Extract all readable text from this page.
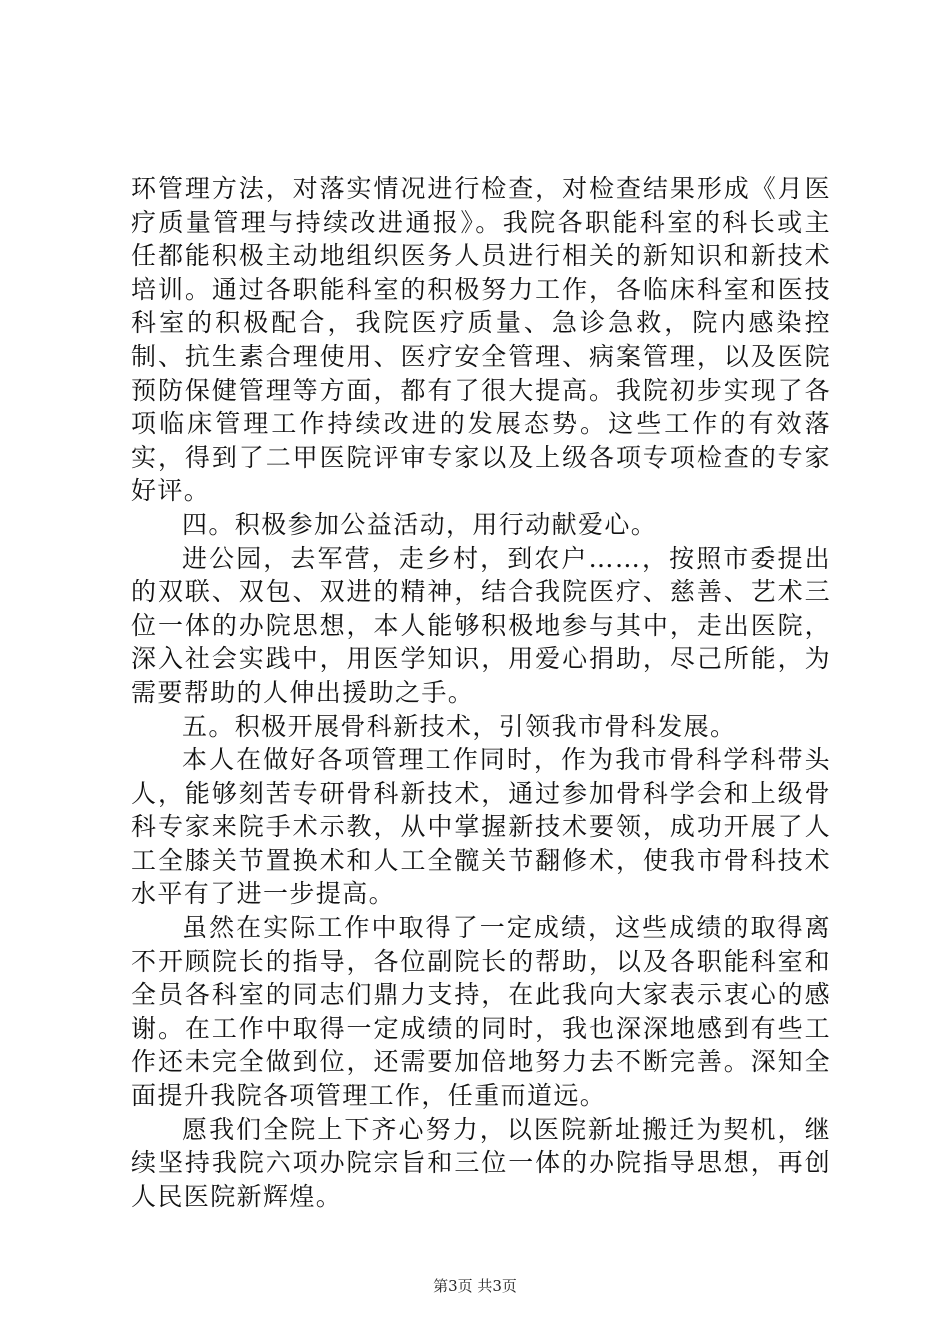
环管理方法，对落实情况进行检查，对检查结果形成《月医疗质量管理与持续改进通报》。我院各职能科室的科长或主任都能积极主动地组织医务人员进行相关的新知识和新技术培训。通过各职能科室的积极努力工作，各临床科室和医技科室的积极配合，我院医疗质量、急诊急救，院内感染控制、抗生素合理使用、医疗安全管理、病案管理，以及医院预防保健管理等方面，都有了很大提高。我院初步实现了各项临床管理工作持续改进的发展态势。这些工作的有效落实，得到了二甲医院评审专家以及上级各项专项检查的专家好评。

四。积极参加公益活动，用行动献爱心。

进公园，去军营，走乡村，到农户……，按照市委提出的双联、双包、双进的精神，结合我院医疗、慈善、艺术三位一体的办院思想，本人能够积极地参与其中，走出医院，深入社会实践中，用医学知识，用爱心捐助，尽己所能，为需要帮助的人伸出援助之手。

五。积极开展骨科新技术，引领我市骨科发展。

本人在做好各项管理工作同时，作为我市骨科学科带头人，能够刻苦专研骨科新技术，通过参加骨科学会和上级骨科专家来院手术示教，从中掌握新技术要领，成功开展了人工全膝关节置换术和人工全髋关节翻修术，使我市骨科技术水平有了进一步提高。

虽然在实际工作中取得了一定成绩，这些成绩的取得离不开顾院长的指导，各位副院长的帮助，以及各职能科室和全员各科室的同志们鼎力支持，在此我向大家表示衷心的感谢。在工作中取得一定成绩的同时，我也深深地感到有些工作还未完全做到位，还需要加倍地努力去不断完善。深知全面提升我院各项管理工作，任重而道远。

愿我们全院上下齐心努力，以医院新址搬迁为契机，继续坚持我院六项办院宗旨和三位一体的办院指导思想，再创人民医院新辉煌。

第3页 共3页
